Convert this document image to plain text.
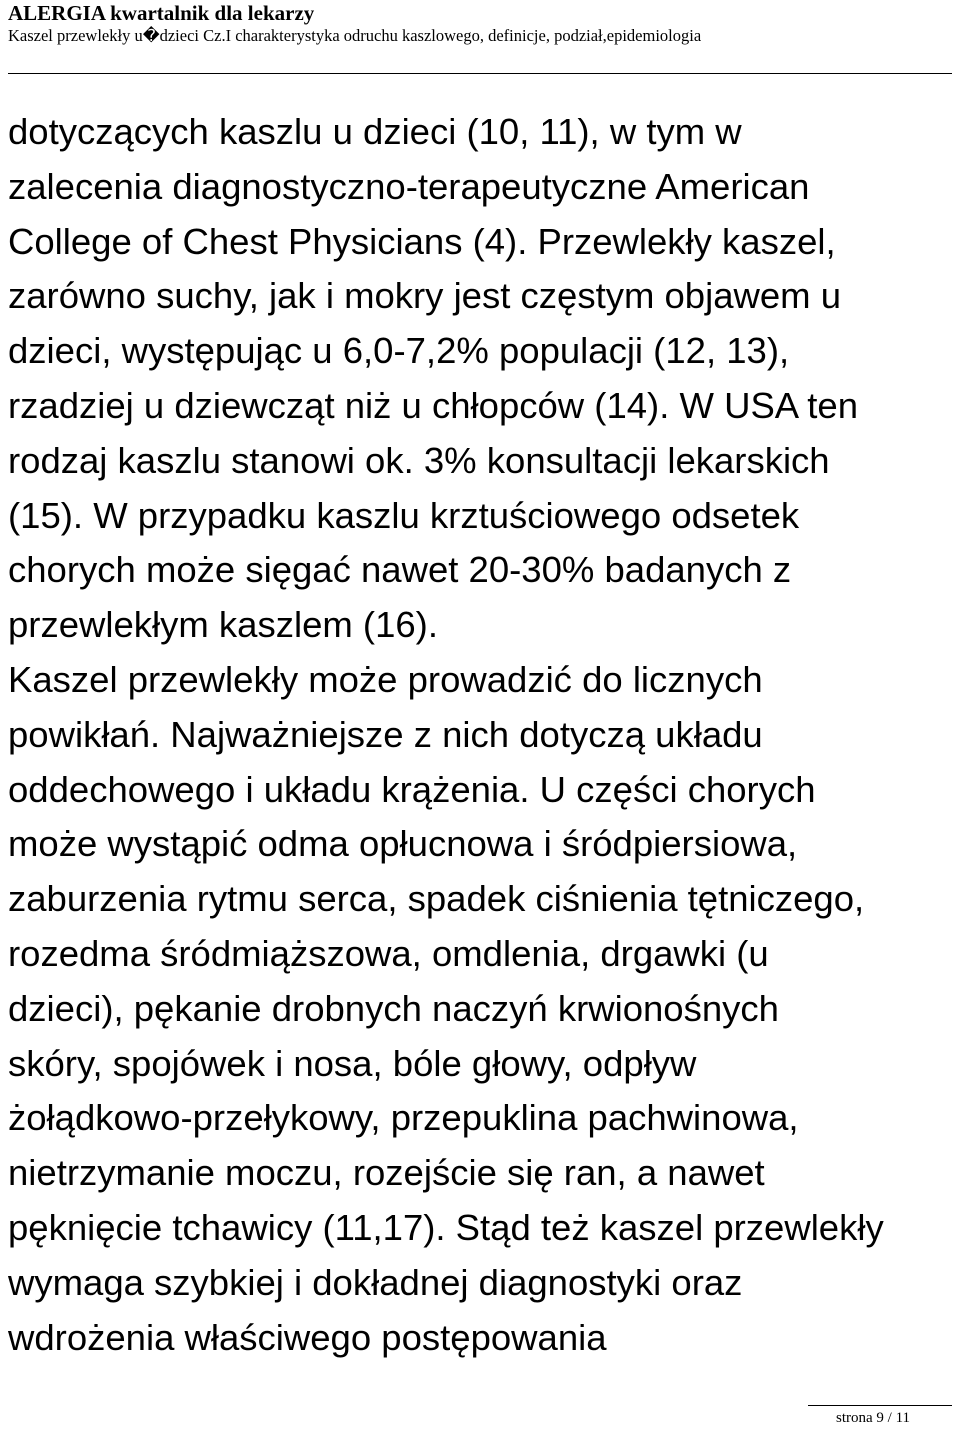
ALERGIA kwartalnik dla lekarzy
Kaszel przewlekły u�dzieci Cz.I charakterystyka odruchu kaszlowego, definicje, podział,epidemiologia
dotyczących kaszlu u dzieci (10, 11), w tym w
zalecenia diagnostyczno-terapeutyczne American
College of Chest Physicians (4). Przewlekły kaszel,
zarówno suchy, jak i mokry jest częstym objawem u
dzieci, występując u 6,0-7,2% populacji (12, 13),
rzadziej u dziewcząt niż u chłopców (14). W USA ten
rodzaj kaszlu stanowi ok. 3% konsultacji lekarskich
(15). W przypadku kaszlu krztuściowego odsetek
chorych może sięgać nawet 20-30% badanych z
przewlekłym kaszlem (16).
Kaszel przewlekły może prowadzić do licznych
powikłań. Najważniejsze z nich dotyczą układu
oddechowego i układu krążenia. U części chorych
może wystąpić odma opłucnowa i śródpiersiowa,
zaburzenia rytmu serca, spadek ciśnienia tętniczego,
rozedma śródmiąższowa, omdlenia, drgawki (u
dzieci), pękanie drobnych naczyń krwionośnych
skóry, spojówek i nosa, bóle głowy, odpływ
żołądkowo-przełykowy, przepuklina pachwinowa,
nietrzymanie moczu, rozejście się ran, a nawet
pęknięcie tchawicy (11,17). Stąd też kaszel przewlekły
wymaga szybkiej i dokładnej diagnostyki oraz
wdrożenia właściwego postępowania
strona 9 / 11
